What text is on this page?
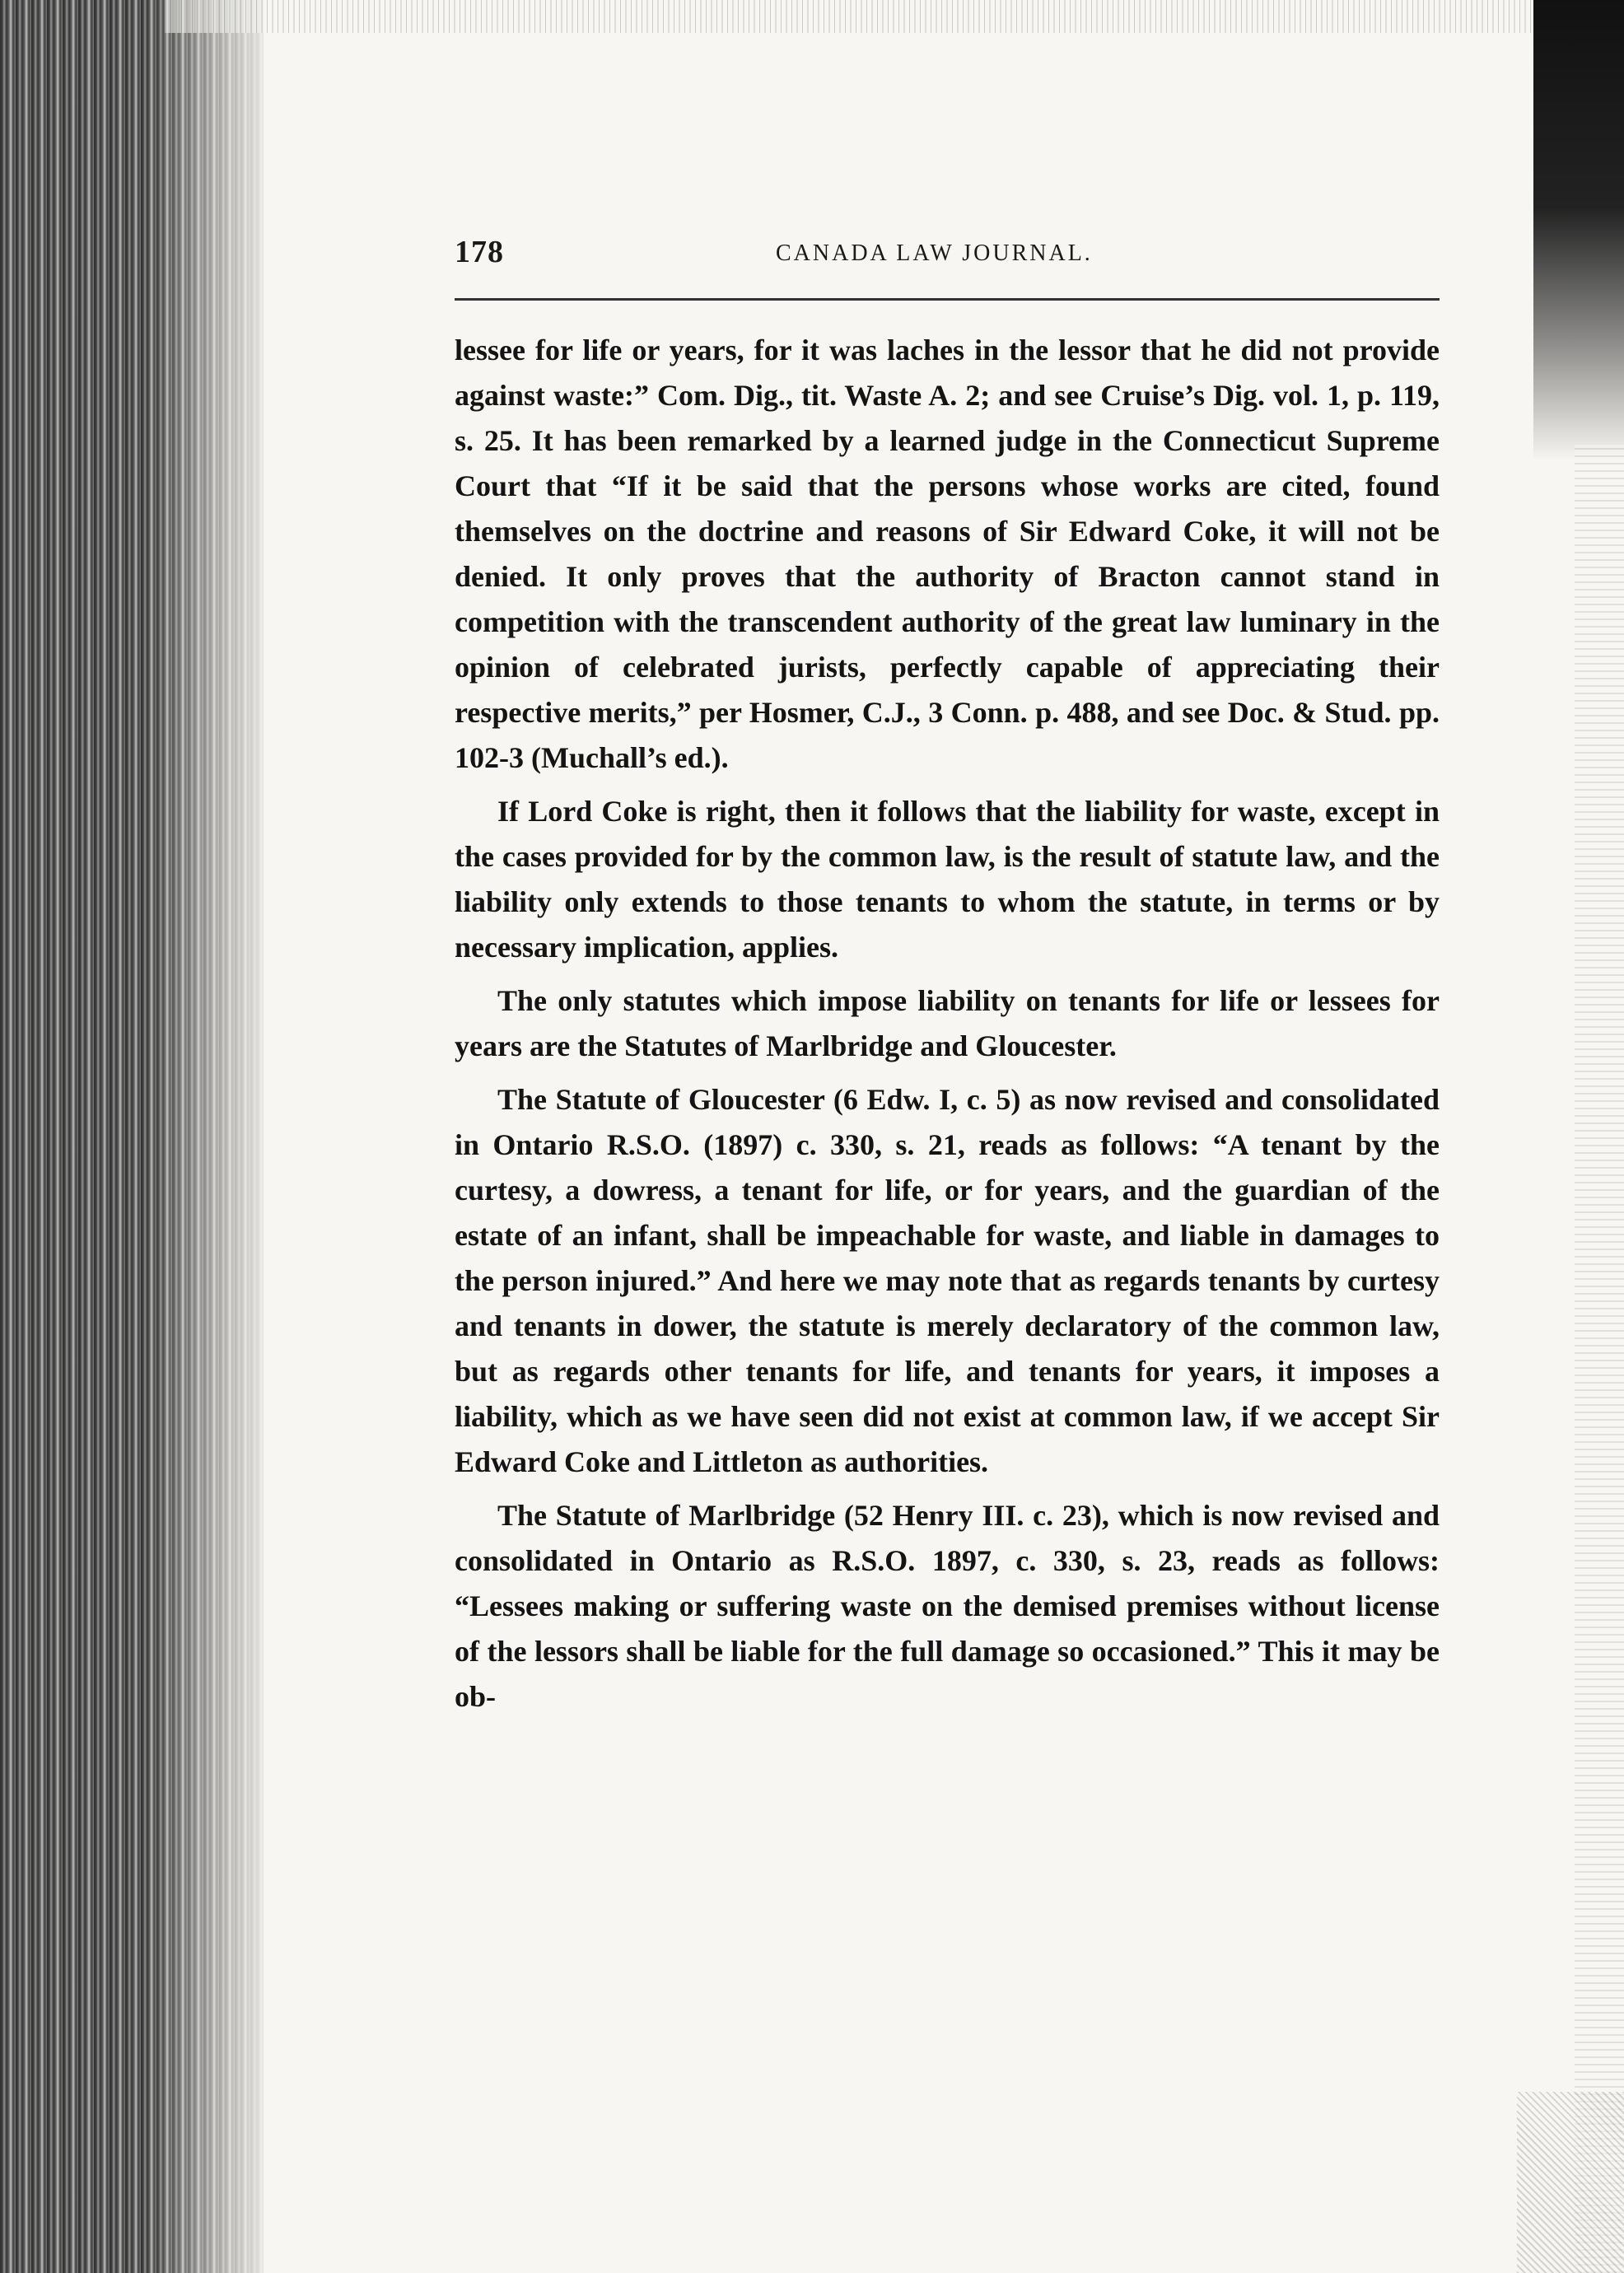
178	CANADA LAW JOURNAL.

lessee for life or years, for it was laches in the lessor that he did not provide against waste:” Com. Dig., tit. Waste A. 2; and see Cruise’s Dig. vol. 1, p. 119, s. 25. It has been remarked by a learned judge in the Connecticut Supreme Court that “If it be said that the persons whose works are cited, found themselves on the doctrine and reasons of Sir Edward Coke, it will not be denied. It only proves that the authority of Bracton cannot stand in competition with the transcendent authority of the great law luminary in the opinion of celebrated jurists, perfectly capable of appreciating their respective merits,” per Hosmer, C.J., 3 Conn. p. 488, and see Doc. & Stud. pp. 102-3 (Muchall’s ed.).

If Lord Coke is right, then it follows that the liability for waste, except in the cases provided for by the common law, is the result of statute law, and the liability only extends to those tenants to whom the statute, in terms or by necessary implication, applies.

The only statutes which impose liability on tenants for life or lessees for years are the Statutes of Marlbridge and Gloucester.

The Statute of Gloucester (6 Edw. I, c. 5) as now revised and consolidated in Ontario R.S.O. (1897) c. 330, s. 21, reads as follows: “A tenant by the curtesy, a dowress, a tenant for life, or for years, and the guardian of the estate of an infant, shall be impeachable for waste, and liable in damages to the person injured.” And here we may note that as regards tenants by curtesy and tenants in dower, the statute is merely declaratory of the common law, but as regards other tenants for life, and tenants for years, it imposes a liability, which as we have seen did not exist at common law, if we accept Sir Edward Coke and Littleton as authorities.

The Statute of Marlbridge (52 Henry III. c. 23), which is now revised and consolidated in Ontario as R.S.O. 1897, c. 330, s. 23, reads as follows: “Lessees making or suffering waste on the demised premises without license of the lessors shall be liable for the full damage so occasioned.” This it may be ob-
